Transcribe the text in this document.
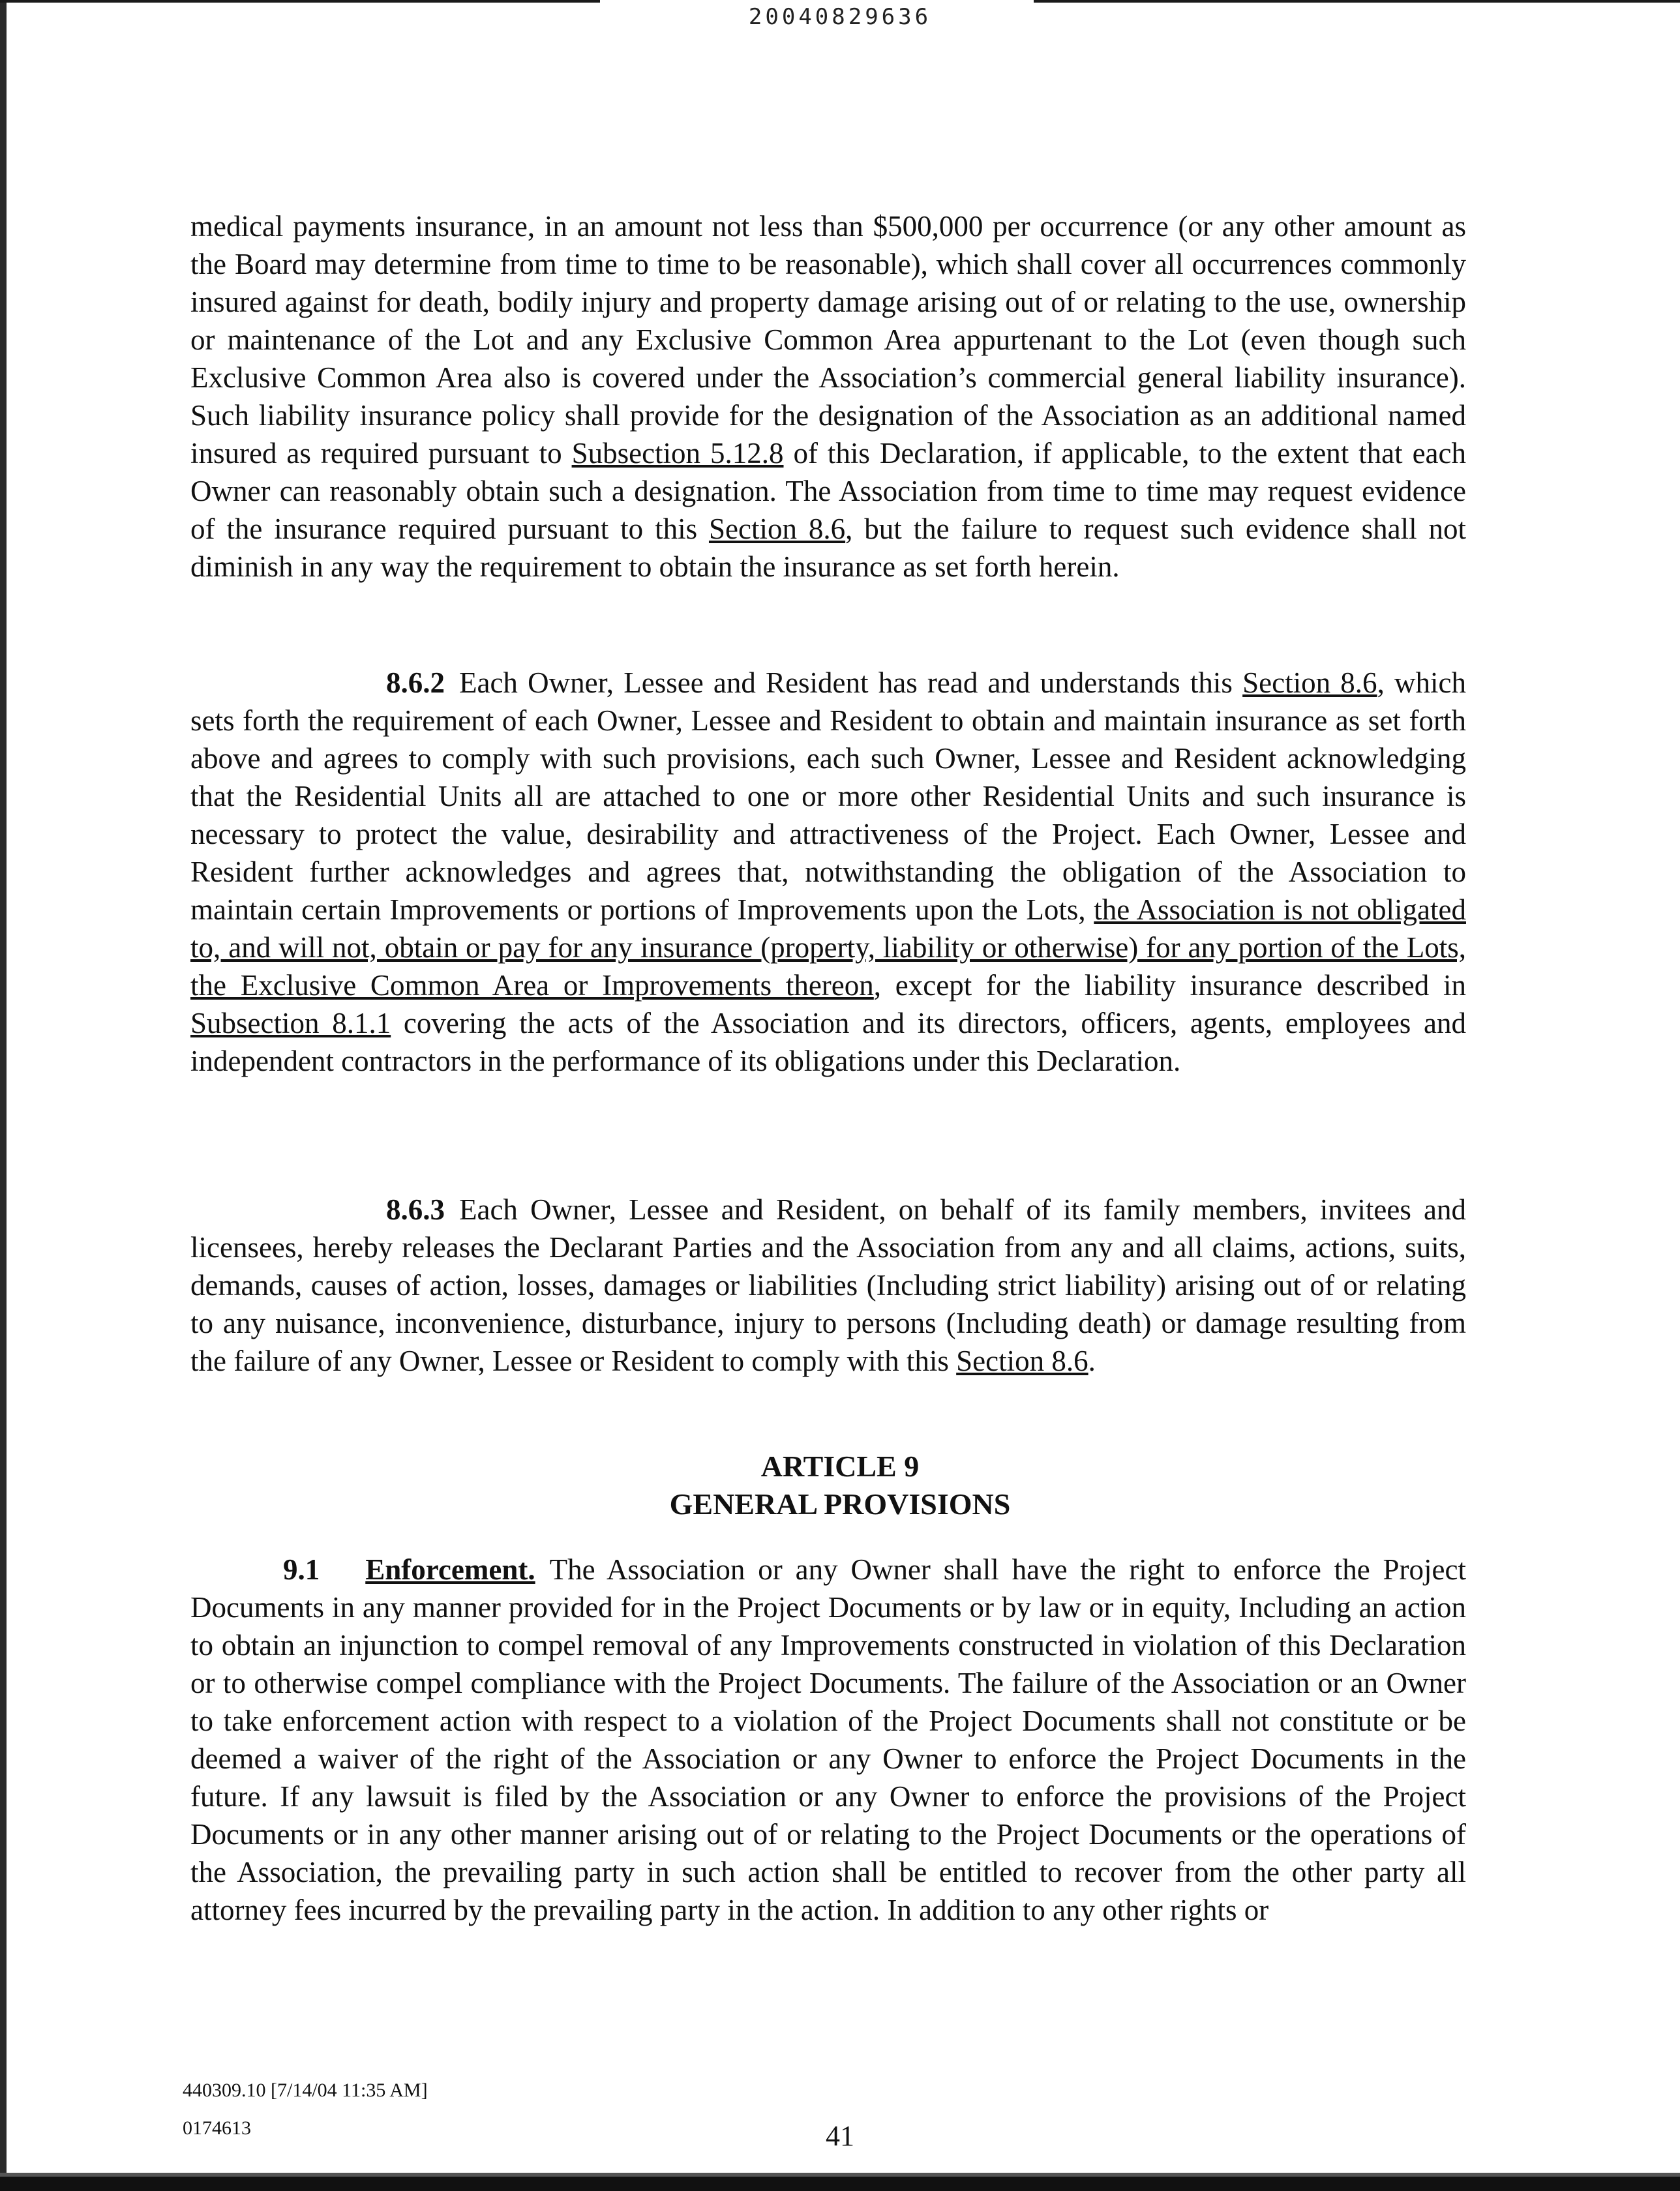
20040829636

medical payments insurance, in an amount not less than $500,000 per occurrence (or any other amount as the Board may determine from time to time to be reasonable), which shall cover all occurrences commonly insured against for death, bodily injury and property damage arising out of or relating to the use, ownership or maintenance of the Lot and any Exclusive Common Area appurtenant to the Lot (even though such Exclusive Common Area also is covered under the Association’s commercial general liability insurance). Such liability insurance policy shall provide for the designation of the Association as an additional named insured as required pursuant to Subsection 5.12.8 of this Declaration, if applicable, to the extent that each Owner can reasonably obtain such a designation. The Association from time to time may request evidence of the insurance required pursuant to this Section 8.6, but the failure to request such evidence shall not diminish in any way the requirement to obtain the insurance as set forth herein.

8.6.2 Each Owner, Lessee and Resident has read and understands this Section 8.6, which sets forth the requirement of each Owner, Lessee and Resident to obtain and maintain insurance as set forth above and agrees to comply with such provisions, each such Owner, Lessee and Resident acknowledging that the Residential Units all are attached to one or more other Residential Units and such insurance is necessary to protect the value, desirability and attractiveness of the Project. Each Owner, Lessee and Resident further acknowledges and agrees that, notwithstanding the obligation of the Association to maintain certain Improvements or portions of Improvements upon the Lots, the Association is not obligated to, and will not, obtain or pay for any insurance (property, liability or otherwise) for any portion of the Lots, the Exclusive Common Area or Improvements thereon, except for the liability insurance described in Subsection 8.1.1 covering the acts of the Association and its directors, officers, agents, employees and independent contractors in the performance of its obligations under this Declaration.

8.6.3 Each Owner, Lessee and Resident, on behalf of its family members, invitees and licensees, hereby releases the Declarant Parties and the Association from any and all claims, actions, suits, demands, causes of action, losses, damages or liabilities (Including strict liability) arising out of or relating to any nuisance, inconvenience, disturbance, injury to persons (Including death) or damage resulting from the failure of any Owner, Lessee or Resident to comply with this Section 8.6.

ARTICLE 9
GENERAL PROVISIONS

9.1 Enforcement. The Association or any Owner shall have the right to enforce the Project Documents in any manner provided for in the Project Documents or by law or in equity, Including an action to obtain an injunction to compel removal of any Improvements constructed in violation of this Declaration or to otherwise compel compliance with the Project Documents. The failure of the Association or an Owner to take enforcement action with respect to a violation of the Project Documents shall not constitute or be deemed a waiver of the right of the Association or any Owner to enforce the Project Documents in the future. If any lawsuit is filed by the Association or any Owner to enforce the provisions of the Project Documents or in any other manner arising out of or relating to the Project Documents or the operations of the Association, the prevailing party in such action shall be entitled to recover from the other party all attorney fees incurred by the prevailing party in the action. In addition to any other rights or

440309.10 [7/14/04 11:35 AM]
0174613	41
